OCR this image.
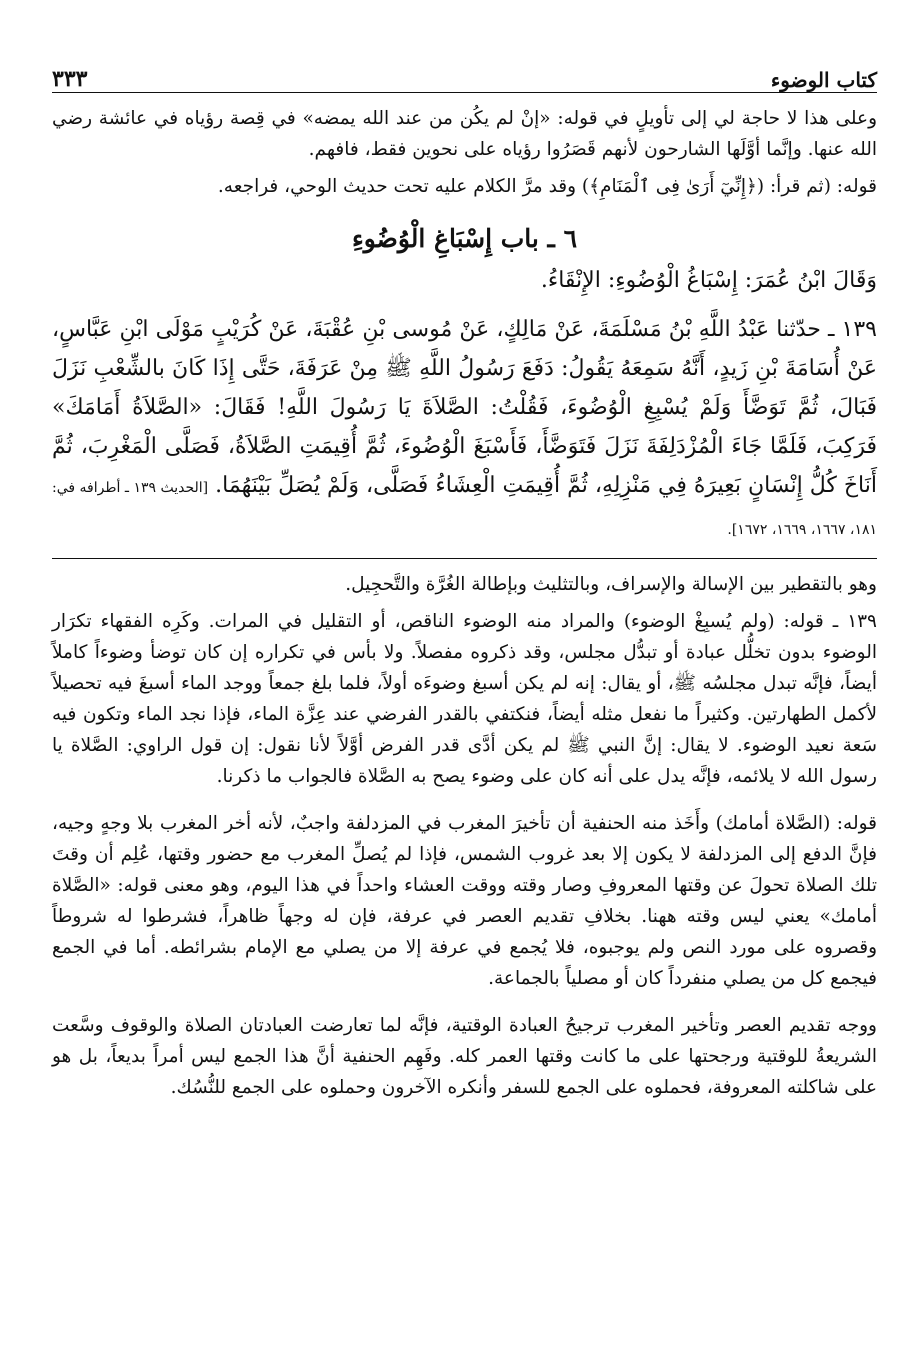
كتاب الوضوء
٣٣٣

وعلى هذا لا حاجة لي إلى تأويلٍ في قوله: «إنْ لم يكُن من عند الله يمضه» في قِصة رؤياه في عائشة رضي الله عنها. وإنَّما أوَّلَها الشارحون لأنهم قَصَرُوا رؤياه على نحوين فقط، فافهم.

قوله: (ثم قرأ: (﴿إِنِّيٓ أَرَىٰ فِى ٱلْمَنَامِ﴾) وقد مرَّ الكلام عليه تحت حديث الوحي، فراجعه.

٦ ـ باب إِسْبَاغِ الْوُضُوءِ

وَقَالَ ابْنُ عُمَرَ: إِسْبَاغُ الْوُضُوءِ: الإِنْقَاءُ.

١٣٩ ـ حدّثنا عَبْدُ اللَّهِ بْنُ مَسْلَمَةَ، عَنْ مَالِكٍ، عَنْ مُوسى بْنِ عُقْبَةَ، عَنْ كُرَيْبٍ مَوْلَى ابْنِ عَبَّاسٍ، عَنْ أُسَامَةَ بْنِ زَيدٍ، أَنَّهُ سَمِعَهُ يَقُولُ: دَفَعَ رَسُولُ اللَّهِ ﷺ مِنْ عَرَفَةَ، حَتَّى إِذَا كَانَ بالشِّعْبِ نَزَلَ فَبَالَ، ثُمَّ تَوَضَّأَ وَلَمْ يُسْبِغِ الْوُضُوءَ، فَقُلْتُ: الصَّلاَةَ يَا رَسُولَ اللَّهِ! فَقَالَ: «الصَّلاَةُ أَمَامَكَ» فَرَكِبَ، فَلَمَّا جَاءَ الْمُزْدَلِفَةَ نَزَلَ فَتَوَضَّأَ، فَأَسْبَغَ الْوُضُوءَ، ثُمَّ أُقِيمَتِ الصَّلاَةُ، فَصَلَّى الْمَغْرِبَ، ثُمَّ أَنَاخَ كُلُّ إِنْسَانٍ بَعِيرَهُ فِي مَنْزِلِهِ، ثُمَّ أُقِيمَتِ الْعِشَاءُ فَصَلَّى، وَلَمْ يُصَلِّ بَيْنَهُمَا. [الحديث ١٣٩ ـ أطرافه في: ١٨١، ١٦٦٧، ١٦٦٩، ١٦٧٢].

وهو بالتقطير بين الإسالة والإسراف، وبالتثليث وبإطالة الغُرَّة والتَّحجِيل.

١٣٩ ـ قوله: (ولم يُسبِغْ الوضوء) والمراد منه الوضوء الناقص، أو التقليل في المرات. وكَرِه الفقهاء تكرَار الوضوء بدون تخلُّل عبادة أو تبدُّل مجلس، وقد ذكروه مفصلاً. ولا بأس في تكراره إن كان توضأ وضوءاً كاملاً أيضاً، فإنَّه تبدل مجلسُه ﷺ، أو يقال: إنه لم يكن أسبغ وضوءَه أولاً، فلما بلغ جمعاً ووجد الماء أسبغَ فيه تحصيلاً لأكمل الطهارتين. وكثيراً ما نفعل مثله أيضاً، فنكتفي بالقدر الفرضي عند عِزَّة الماء، فإذا نجد الماء وتكون فيه سَعة نعيد الوضوء. لا يقال: إنَّ النبي ﷺ لم يكن أدَّى قدر الفرض أوَّلاً لأنا نقول: إن قول الراوي: الصَّلاة يا رسول الله لا يلائمه، فإنَّه يدل على أنه كان على وضوء يصح به الصَّلاة فالجواب ما ذكرنا.

قوله: (الصَّلاة أمامك) وأَخَذ منه الحنفية أن تأخيرَ المغرب في المزدلفة واجبٌ، لأنه أخر المغرب بلا وجهٍ وجيه، فإنَّ الدفع إلى المزدلفة لا يكون إلا بعد غروب الشمس، فإذا لم يُصلِّ المغرب مع حضور وقتها، عُلِم أن وقتَ تلك الصلاة تحولَ عن وقتها المعروفِ وصار وقته ووقت العشاء واحداً في هذا اليوم، وهو معنى قوله: «الصَّلاة أمامك» يعني ليس وقته ههنا. بخلافِ تقديم العصر في عرفة، فإن له وجهاً ظاهراً، فشرطوا له شروطاً وقصروه على مورد النص ولم يوجبوه، فلا يُجمع في عرفة إلا من يصلي مع الإمام بشرائطه. أما في الجمع فيجمع كل من يصلي منفرداً كان أو مصلياً بالجماعة.

ووجه تقديم العصر وتأخير المغرب ترجيحُ العبادة الوقتية، فإنَّه لما تعارضت العبادتان الصلاة والوقوف وسَّعت الشريعةُ للوقتية ورجحتها على ما كانت وقتها العمر كله. وفَهِم الحنفية أنَّ هذا الجمع ليس أمراً بديعاً، بل هو على شاكلته المعروفة، فحملوه على الجمع للسفر وأنكره الآخرون وحملوه على الجمع للنُّسُك.
